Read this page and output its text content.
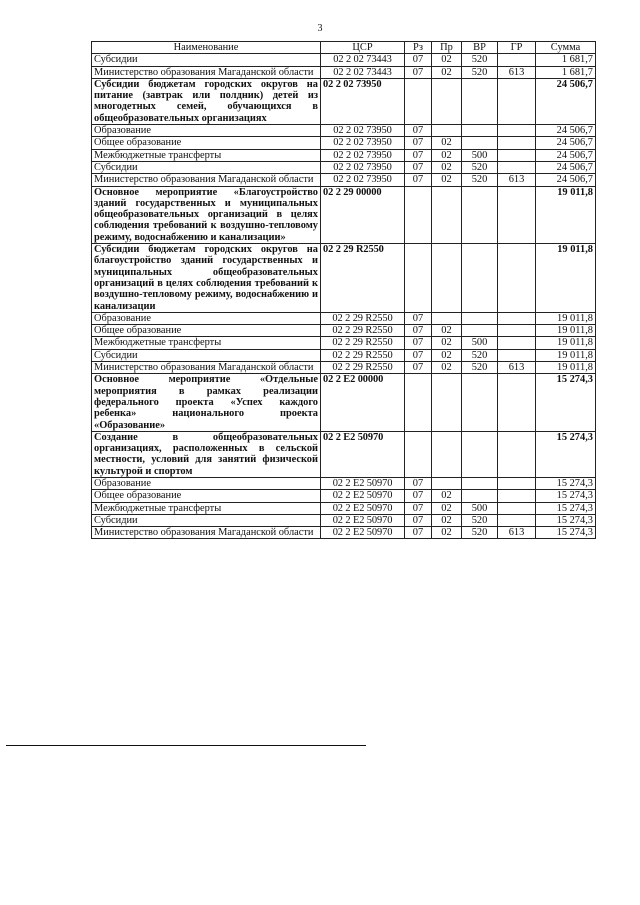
3
Наименование	ЦСР	Рз	Пр	ВР	ГР	Сумма
Субсидии	02 2 02 73443	07	02	520		1 681,7
Министерство образования Магаданской области	02 2 02 73443	07	02	520	613	1 681,7
Субсидии бюджетам городских округов на питание (завтрак или полдник) детей из многодетных семей, обучающихся в общеобразовательных организациях	02 2 02 73950					24 506,7
Образование	02 2 02 73950	07				24 506,7
Общее образование	02 2 02 73950	07	02			24 506,7
Межбюджетные трансферты	02 2 02 73950	07	02	500		24 506,7
Субсидии	02 2 02 73950	07	02	520		24 506,7
Министерство образования Магаданской области	02 2 02 73950	07	02	520	613	24 506,7
Основное мероприятие «Благоустройство зданий государственных и муниципальных общеобразовательных организаций в целях соблюдения требований к воздушно-тепловому режиму, водоснабжению и канализации»	02 2 29 00000					19 011,8
Субсидии бюджетам городских округов на благоустройство зданий государственных и муниципальных общеобразовательных организаций в целях соблюдения требований к воздушно-тепловому режиму, водоснабжению и канализации	02 2 29 R2550					19 011,8
Образование	02 2 29 R2550	07				19 011,8
Общее образование	02 2 29 R2550	07	02			19 011,8
Межбюджетные трансферты	02 2 29 R2550	07	02	500		19 011,8
Субсидии	02 2 29 R2550	07	02	520		19 011,8
Министерство образования Магаданской области	02 2 29 R2550	07	02	520	613	19 011,8
Основное мероприятие «Отдельные мероприятия в рамках реализации федерального проекта «Успех каждого ребенка» национального проекта «Образование»	02 2 E2 00000					15 274,3
Создание в общеобразовательных организациях, расположенных в сельской местности, условий для занятий физической культурой и спортом	02 2 E2 50970					15 274,3
Образование	02 2 E2 50970	07				15 274,3
Общее образование	02 2 E2 50970	07	02			15 274,3
Межбюджетные трансферты	02 2 E2 50970	07	02	500		15 274,3
Субсидии	02 2 E2 50970	07	02	520		15 274,3
Министерство образования Магаданской области	02 2 E2 50970	07	02	520	613	15 274,3
